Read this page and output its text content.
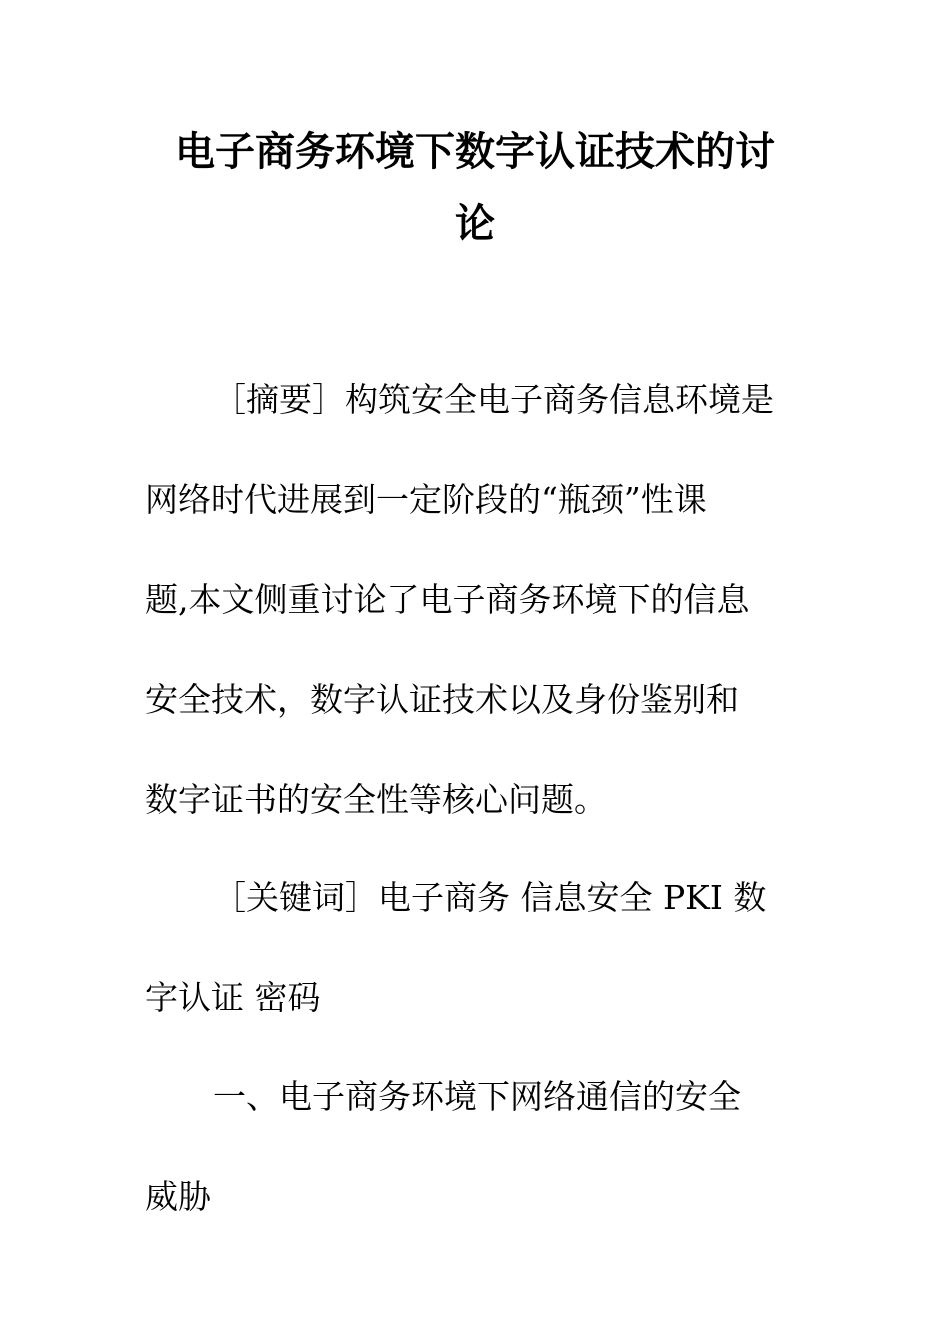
电子商务环境下数字认证技术的讨
论
［摘要］构筑安全电子商务信息环境是
网络时代进展到一定阶段的“瓶颈”性课
题,本文侧重讨论了电子商务环境下的信息
安全技术，数字认证技术以及身份鉴别和
数字证书的安全性等核心问题。
［关键词］电子商务 信息安全 PKI 数
字认证 密码
一、电子商务环境下网络通信的安全
威胁
